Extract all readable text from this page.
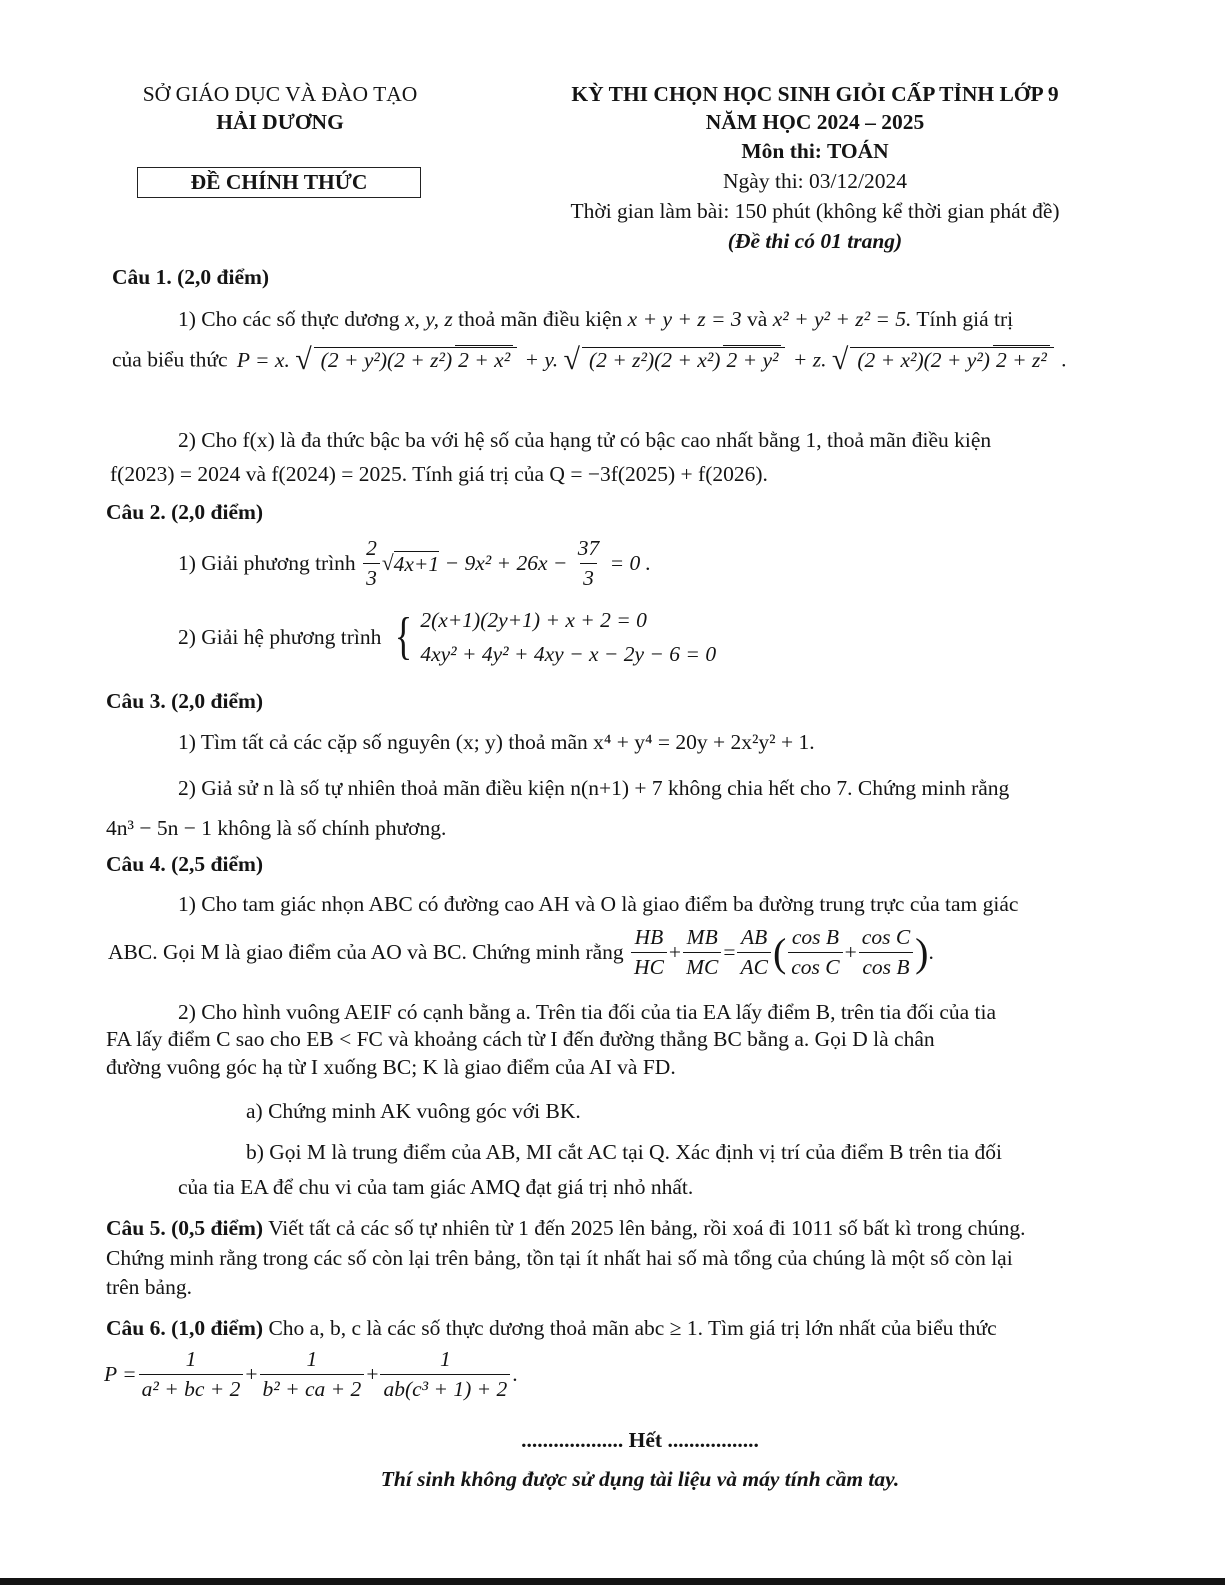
SỞ GIÁO DỤC VÀ ĐÀO TẠO
HẢI DƯƠNG
ĐỀ CHÍNH THỨC
KỲ THI CHỌN HỌC SINH GIỎI CẤP TỈNH LỚP 9
NĂM HỌC 2024 – 2025
Môn thi: TOÁN
Ngày thi: 03/12/2024
Thời gian làm bài: 150 phút (không kể thời gian phát đề)
(Đề thi có 01 trang)
Câu 1. (2,0 điểm)
1) Cho các số thực dương x, y, z thoả mãn điều kiện x + y + z = 3 và x² + y² + z² = 5. Tính giá trị
của biểu thức P = x. √ (2 + y²)(2 + z²) 2 + x² + y. √ (2 + z²)(2 + x²) 2 + y² + z. √ (2 + x²)(2 + y²) 2 + z² .
2) Cho f(x) là đa thức bậc ba với hệ số của hạng tử có bậc cao nhất bằng 1, thoả mãn điều kiện
f(2023) = 2024 và f(2024) = 2025. Tính giá trị của Q = −3f(2025) + f(2026).
Câu 2. (2,0 điểm)
1) Giải phương trình $\frac{2}{3} √4x+1 - 9x^2 + 26x - \frac{37}{3} = 0$ .
2) Giải hệ phương trình { 2(x+1)(2y+1) + x + 2 = 0
4xy² + 4y² + 4xy − x − 2y − 6 = 0
Câu 3. (2,0 điểm)
1) Tìm tất cả các cặp số nguyên (x; y) thoả mãn x⁴ + y⁴ = 20y + 2x²y² + 1.
2) Giả sử n là số tự nhiên thoả mãn điều kiện n(n+1) + 7 không chia hết cho 7. Chứng minh rằng
4n³ − 5n − 1 không là số chính phương.
Câu 4. (2,5 điểm)
1) Cho tam giác nhọn ABC có đường cao AH và O là giao điểm ba đường trung trực của tam giác
ABC. Gọi M là giao điểm của AO và BC. Chứng minh rằng $\frac{HB}{HC} + \frac{MB}{MC} = \frac{AB}{AC}$ ( $\frac{\text{cos B}}{\text{cos C}} + \frac{\text{cos C}}{\text{cos B}}$ ).
2) Cho hình vuông AEIF có cạnh bằng a. Trên tia đối của tia EA lấy điểm B, trên tia đối của tia
FA lấy điểm C sao cho EB < FC và khoảng cách từ I đến đường thẳng BC bằng a. Gọi D là chân
đường vuông góc hạ từ I xuống BC; K là giao điểm của AI và FD.
a) Chứng minh AK vuông góc với BK.
b) Gọi M là trung điểm của AB, MI cắt AC tại Q. Xác định vị trí của điểm B trên tia đối
của tia EA để chu vi của tam giác AMQ đạt giá trị nhỏ nhất.
Câu 5. (0,5 điểm) Viết tất cả các số tự nhiên từ 1 đến 2025 lên bảng, rồi xoá đi 1011 số bất kì trong chúng.
Chứng minh rằng trong các số còn lại trên bảng, tồn tại ít nhất hai số mà tổng của chúng là một số còn lại
trên bảng.
Câu 6. (1,0 điểm) Cho a, b, c là các số thực dương thoả mãn abc ≥ 1. Tìm giá trị lớn nhất của biểu thức
$P = \frac{1}{\text{a² + bc + 2}} + \frac{1}{\text{b² + ca + 2}} + \frac{1}{\text{ab(c³ + 1) + 2}}$ .
................... Hết .................
Thí sinh không được sử dụng tài liệu và máy tính cầm tay.
